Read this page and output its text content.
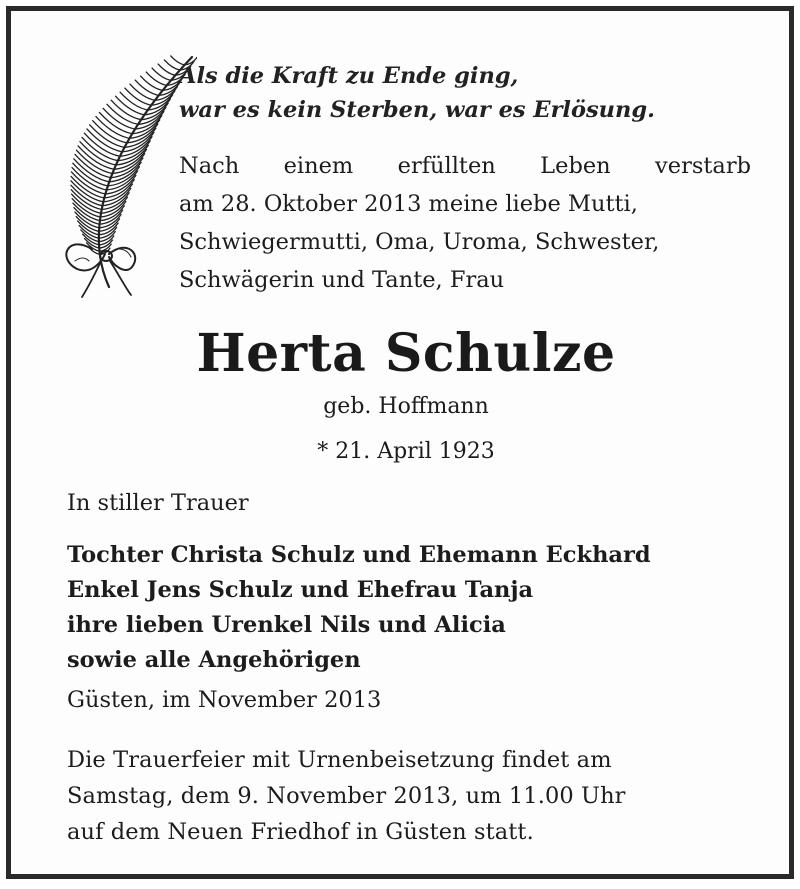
Als die Kraft zu Ende ging,
war es kein Sterben, war es Erlösung.
Nach einem erfüllten Leben verstarb
am 28. Oktober 2013 meine liebe Mutti,
Schwiegermutti, Oma, Uroma, Schwester,
Schwägerin und Tante, Frau
Herta Schulze
geb. Hoffmann
* 21. April 1923
In stiller Trauer
Tochter Christa Schulz und Ehemann Eckhard
Enkel Jens Schulz und Ehefrau Tanja
ihre lieben Urenkel Nils und Alicia
sowie alle Angehörigen
Güsten, im November 2013
Die Trauerfeier mit Urnenbeisetzung findet am
Samstag, dem 9. November 2013, um 11.00 Uhr
auf dem Neuen Friedhof in Güsten statt.
